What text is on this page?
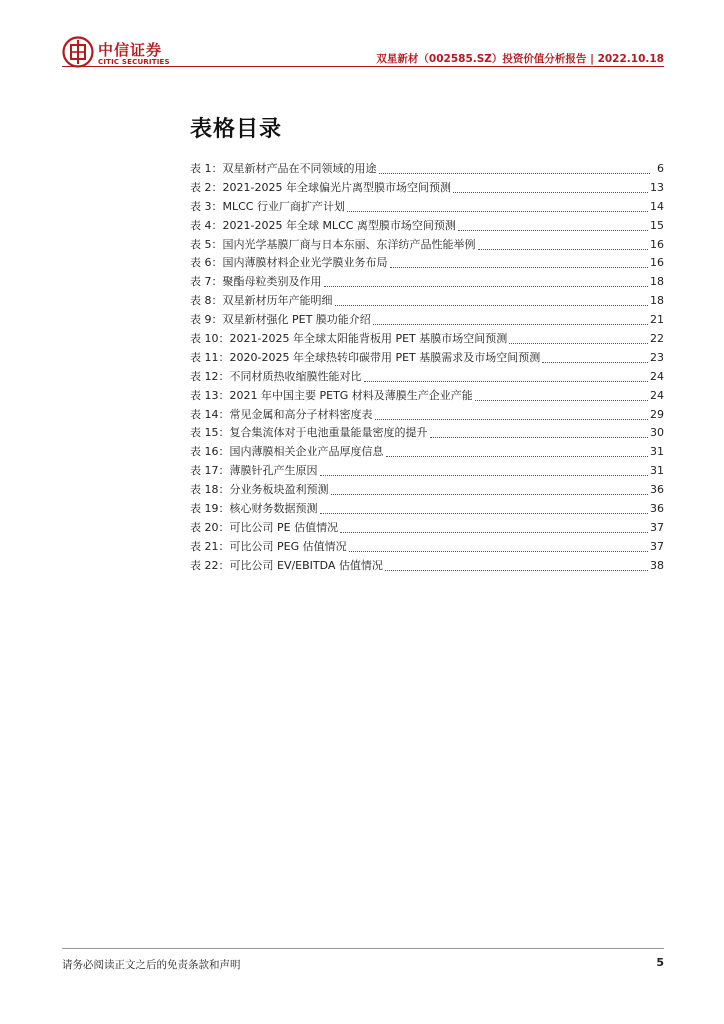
中信证券
CITIC SECURITIES	双星新材（002585.SZ）投资价值分析报告 | 2022.10.18
表格目录
表 1：双星新材产品在不同领域的用途	6
表 2：2021-2025 年全球偏光片离型膜市场空间预测	13
表 3：MLCC 行业厂商扩产计划	14
表 4：2021-2025 年全球 MLCC 离型膜市场空间预测	15
表 5：国内光学基膜厂商与日本东丽、东洋纺产品性能举例	16
表 6：国内薄膜材料企业光学膜业务布局	16
表 7：聚酯母粒类别及作用	18
表 8：双星新材历年产能明细	18
表 9：双星新材强化 PET 膜功能介绍	21
表 10：2021-2025 年全球太阳能背板用 PET 基膜市场空间预测	22
表 11：2020-2025 年全球热转印碳带用 PET 基膜需求及市场空间预测	23
表 12：不同材质热收缩膜性能对比	24
表 13：2021 年中国主要 PETG 材料及薄膜生产企业产能	24
表 14：常见金属和高分子材料密度表	29
表 15：复合集流体对于电池重量能量密度的提升	30
表 16：国内薄膜相关企业产品厚度信息	31
表 17：薄膜针孔产生原因	31
表 18：分业务板块盈利预测	36
表 19：核心财务数据预测	36
表 20：可比公司 PE 估值情况	37
表 21：可比公司 PEG 估值情况	37
表 22：可比公司 EV/EBITDA 估值情况	38
请务必阅读正文之后的免责条款和声明	5
